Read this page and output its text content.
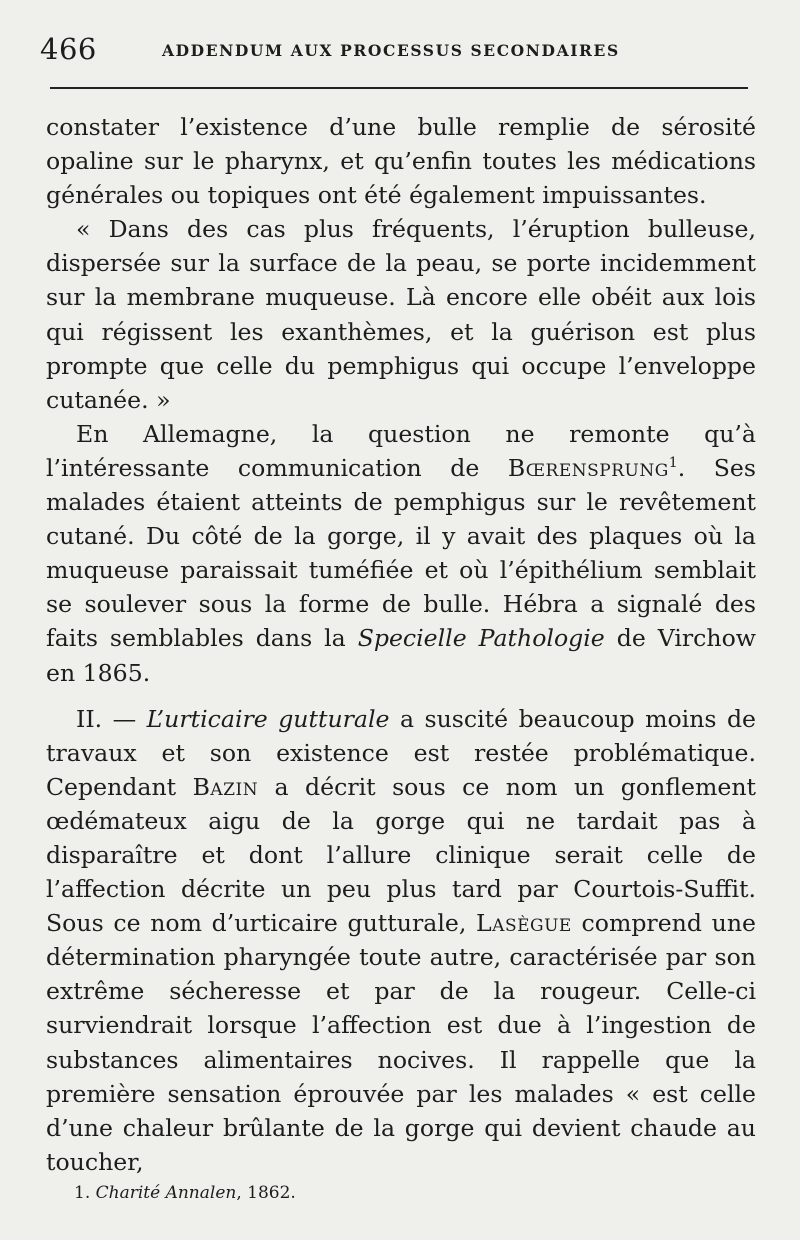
466	ADDENDUM AUX PROCESSUS SECONDAIRES

constater l’existence d’une bulle remplie de sérosité opaline sur le pharynx, et qu’enfin toutes les médications générales ou topiques ont été également impuissantes.

« Dans des cas plus fréquents, l’éruption bulleuse, dispersée sur la surface de la peau, se porte incidemment sur la membrane muqueuse. Là encore elle obéit aux lois qui régissent les exanthèmes, et la guérison est plus prompte que celle du pemphigus qui occupe l’enveloppe cutanée. »

En Allemagne, la question ne remonte qu’à l’intéressante communication de Bœrensprung$^1$. Ses malades étaient atteints de pemphigus sur le revêtement cutané. Du côté de la gorge, il y avait des plaques où la muqueuse paraissait tuméfiée et où l’épithélium semblait se soulever sous la forme de bulle. Hébra a signalé des faits semblables dans la Specielle Pathologie de Virchow en 1865.

II. — L’urticaire gutturale a suscité beaucoup moins de travaux et son existence est restée problématique. Cependant Bazin a décrit sous ce nom un gonflement œdémateux aigu de la gorge qui ne tardait pas à disparaître et dont l’allure clinique serait celle de l’affection décrite un peu plus tard par Courtois-Suffit. Sous ce nom d’urticaire gutturale, Lasègue comprend une détermination pharyngée toute autre, caractérisée par son extrême sécheresse et par de la rougeur. Celle-ci surviendrait lorsque l’affection est due à l’ingestion de substances alimentaires nocives. Il rappelle que la première sensation éprouvée par les malades « est celle d’une chaleur brûlante de la gorge qui devient chaude au toucher,

1. Charité Annalen, 1862.
